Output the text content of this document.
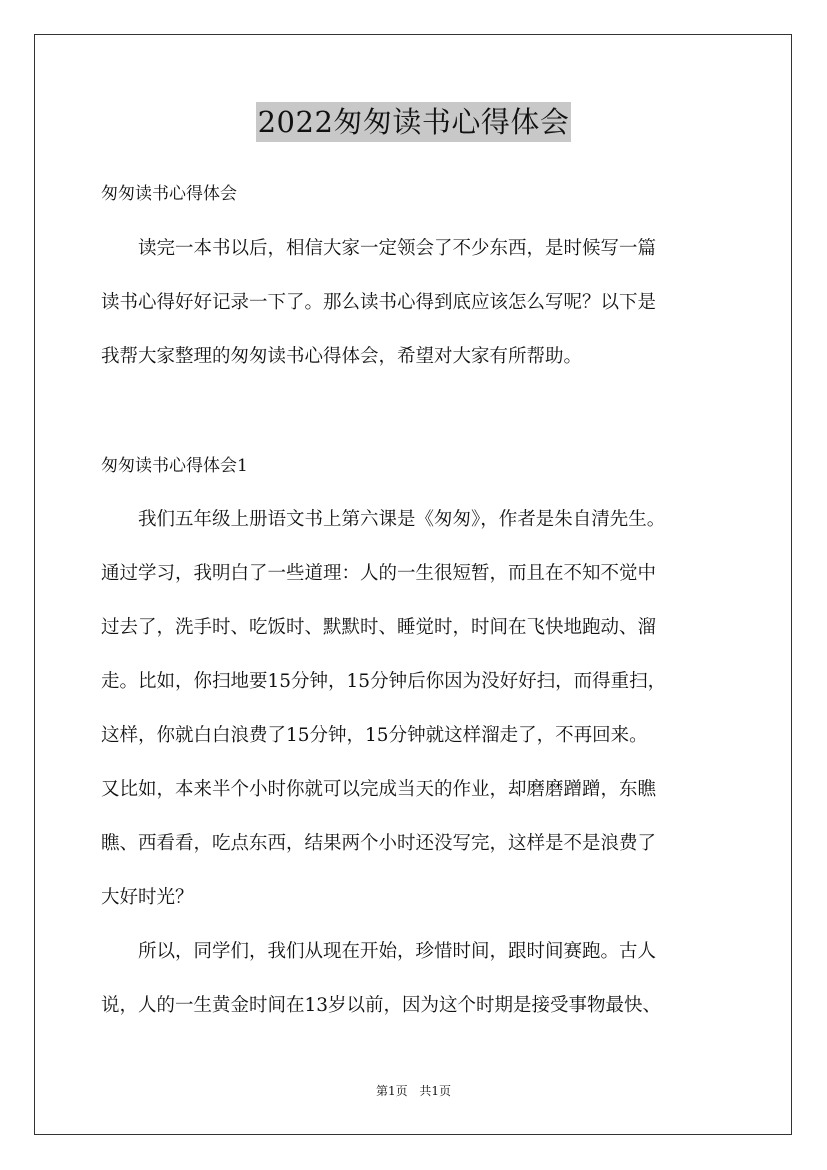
2022匆匆读书心得体会
匆匆读书心得体会
　　读完一本书以后，相信大家一定领会了不少东西，是时候写一篇
读书心得好好记录一下了。那么读书心得到底应该怎么写呢？以下是
我帮大家整理的匆匆读书心得体会，希望对大家有所帮助。
匆匆读书心得体会1
　　我们五年级上册语文书上第六课是《匆匆》，作者是朱自清先生。
通过学习，我明白了一些道理：人的一生很短暂，而且在不知不觉中
过去了，洗手时、吃饭时、默默时、睡觉时，时间在飞快地跑动、溜
走。比如，你扫地要15分钟，15分钟后你因为没好好扫，而得重扫，
这样，你就白白浪费了15分钟，15分钟就这样溜走了，不再回来。
又比如，本来半个小时你就可以完成当天的作业，却磨磨蹭蹭，东瞧
瞧、西看看，吃点东西，结果两个小时还没写完，这样是不是浪费了
大好时光？
　　所以，同学们，我们从现在开始，珍惜时间，跟时间赛跑。古人
说，人的一生黄金时间在13岁以前，因为这个时期是接受事物最快、
第1页 共1页
